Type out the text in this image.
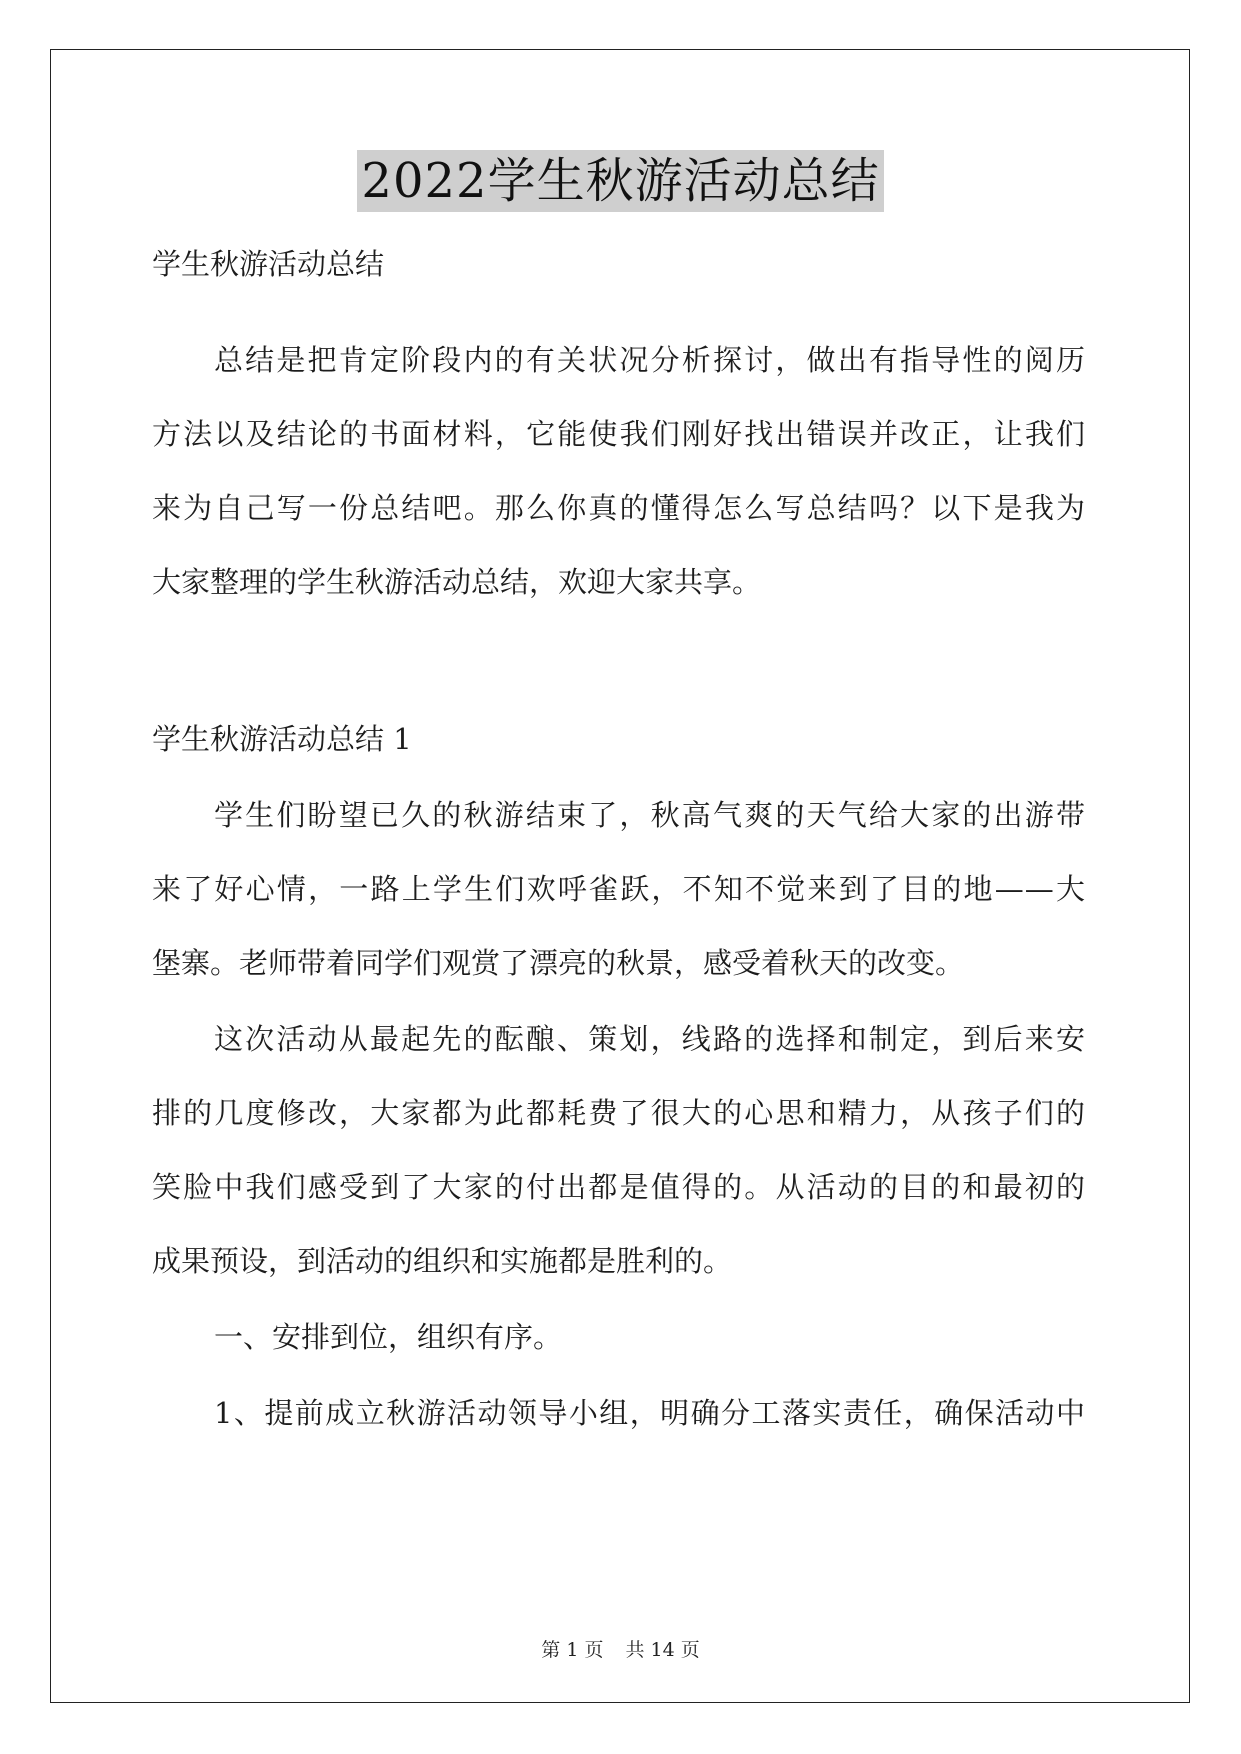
2022学生秋游活动总结
学生秋游活动总结
总结是把肯定阶段内的有关状况分析探讨，做出有指导性的阅历
方法以及结论的书面材料，它能使我们刚好找出错误并改正，让我们
来为自己写一份总结吧。那么你真的懂得怎么写总结吗？以下是我为
大家整理的学生秋游活动总结，欢迎大家共享。
学生秋游活动总结 1
学生们盼望已久的秋游结束了，秋高气爽的天气给大家的出游带
来了好心情，一路上学生们欢呼雀跃，不知不觉来到了目的地——大
堡寨。老师带着同学们观赏了漂亮的秋景，感受着秋天的改变。
这次活动从最起先的酝酿、策划，线路的选择和制定，到后来安
排的几度修改，大家都为此都耗费了很大的心思和精力，从孩子们的
笑脸中我们感受到了大家的付出都是值得的。从活动的目的和最初的
成果预设，到活动的组织和实施都是胜利的。
一、安排到位，组织有序。
1、提前成立秋游活动领导小组，明确分工落实责任，确保活动中
第 1 页 共 14 页
